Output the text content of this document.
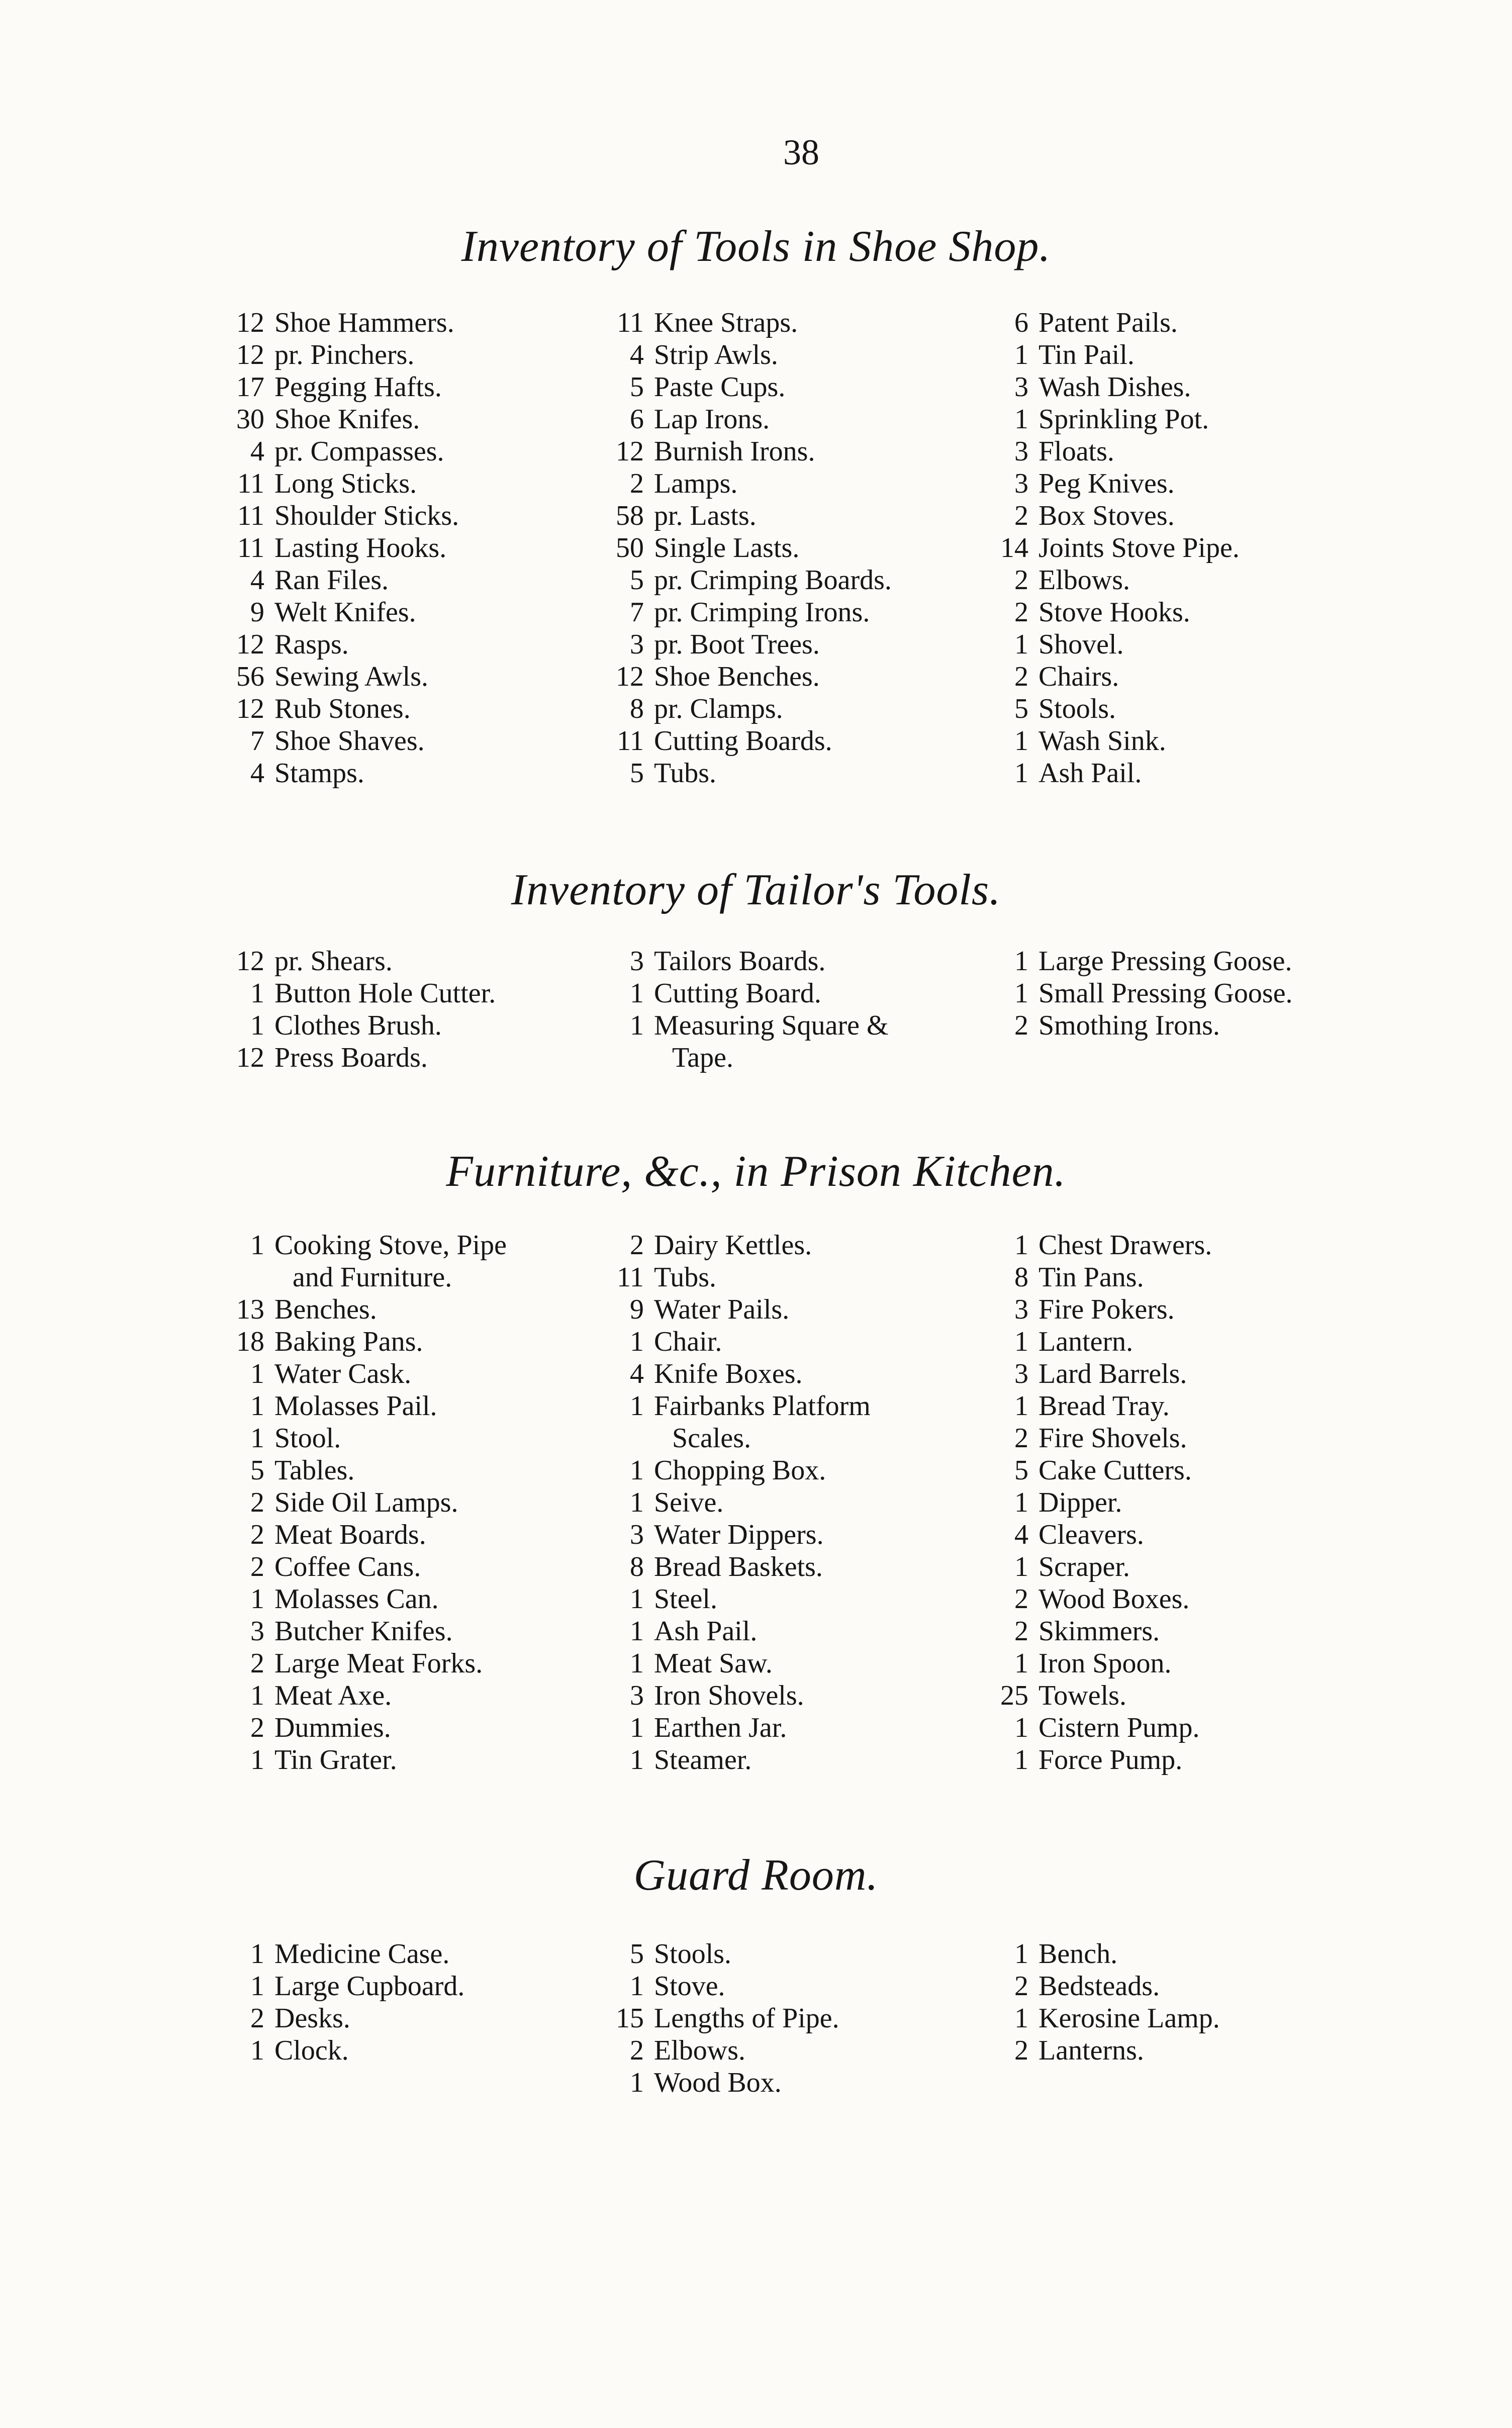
38
Inventory of Tools in Shoe Shop.
12 Shoe Hammers.
12 pr. Pinchers.
17 Pegging Hafts.
30 Shoe Knifes.
4 pr. Compasses.
11 Long Sticks.
11 Shoulder Sticks.
11 Lasting Hooks.
4 Ran Files.
9 Welt Knifes.
12 Rasps.
56 Sewing Awls.
12 Rub Stones.
7 Shoe Shaves.
4 Stamps.
11 Knee Straps.
4 Strip Awls.
5 Paste Cups.
6 Lap Irons.
12 Burnish Irons.
2 Lamps.
58 pr. Lasts.
50 Single Lasts.
5 pr. Crimping Boards.
7 pr. Crimping Irons.
3 pr. Boot Trees.
12 Shoe Benches.
8 pr. Clamps.
11 Cutting Boards.
5 Tubs.
6 Patent Pails.
1 Tin Pail.
3 Wash Dishes.
1 Sprinkling Pot.
3 Floats.
3 Peg Knives.
2 Box Stoves.
14 Joints Stove Pipe.
2 Elbows.
2 Stove Hooks.
1 Shovel.
2 Chairs.
5 Stools.
1 Wash Sink.
1 Ash Pail.
Inventory of Tailor's Tools.
12 pr. Shears.
1 Button Hole Cutter.
1 Clothes Brush.
12 Press Boards.
3 Tailors Boards.
1 Cutting Board.
1 Measuring Square &
Tape.
1 Large Pressing Goose.
1 Small Pressing Goose.
2 Smothing Irons.
Furniture, &c., in Prison Kitchen.
1 Cooking Stove, Pipe
and Furniture.
13 Benches.
18 Baking Pans.
1 Water Cask.
1 Molasses Pail.
1 Stool.
5 Tables.
2 Side Oil Lamps.
2 Meat Boards.
2 Coffee Cans.
1 Molasses Can.
3 Butcher Knifes.
2 Large Meat Forks.
1 Meat Axe.
2 Dummies.
1 Tin Grater.
2 Dairy Kettles.
11 Tubs.
9 Water Pails.
1 Chair.
4 Knife Boxes.
1 Fairbanks Platform
Scales.
1 Chopping Box.
1 Seive.
3 Water Dippers.
8 Bread Baskets.
1 Steel.
1 Ash Pail.
1 Meat Saw.
3 Iron Shovels.
1 Earthen Jar.
1 Steamer.
1 Chest Drawers.
8 Tin Pans.
3 Fire Pokers.
1 Lantern.
3 Lard Barrels.
1 Bread Tray.
2 Fire Shovels.
5 Cake Cutters.
1 Dipper.
4 Cleavers.
1 Scraper.
2 Wood Boxes.
2 Skimmers.
1 Iron Spoon.
25 Towels.
1 Cistern Pump.
1 Force Pump.
Guard Room.
1 Medicine Case.
1 Large Cupboard.
2 Desks.
1 Clock.
5 Stools.
1 Stove.
15 Lengths of Pipe.
2 Elbows.
1 Wood Box.
1 Bench.
2 Bedsteads.
1 Kerosine Lamp.
2 Lanterns.
